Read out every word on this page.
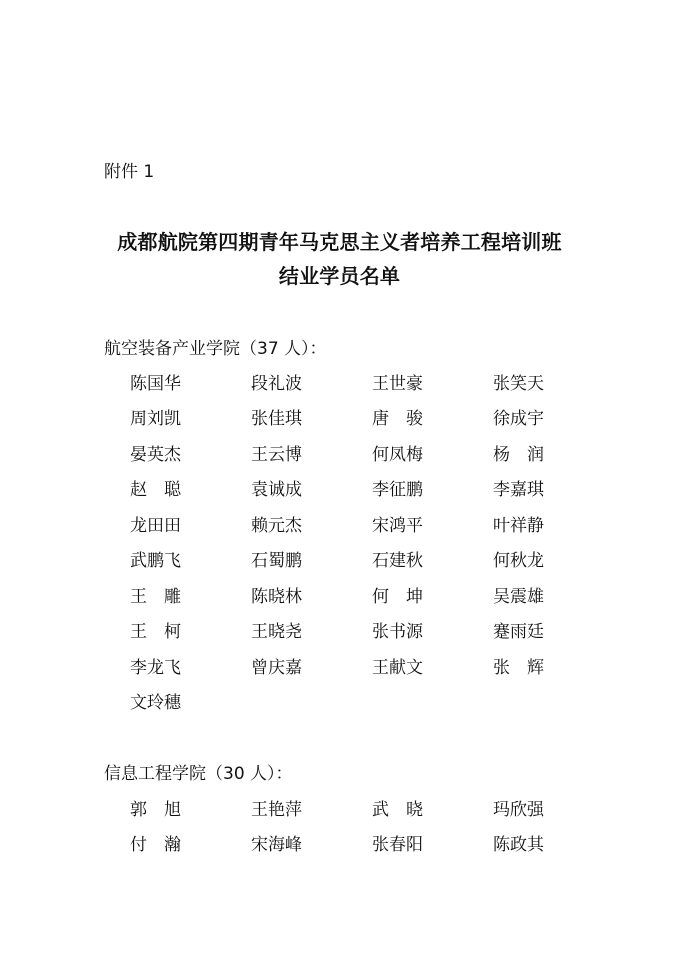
附件 1
成都航院第四期青年马克思主义者培养工程培训班
结业学员名单
航空装备产业学院（37 人）：
陈国华	段礼波	王世豪	张笑天
周刘凯	张佳琪	唐　骏	徐成宇
晏英杰	王云博	何凤梅	杨　润
赵　聪	袁诚成	李征鹏	李嘉琪
龙田田	赖元杰	宋鸿平	叶祥静
武鹏飞	石蜀鹏	石建秋	何秋龙
王　雕	陈晓林	何　坤	吴震雄
王　柯	王晓尧	张书源	蹇雨廷
李龙飞	曾庆嘉	王献文	张　辉
文玲穗
信息工程学院（30 人）：
郭　旭	王艳萍	武　晓	玛欣强
付　瀚	宋海峰	张春阳	陈政其
